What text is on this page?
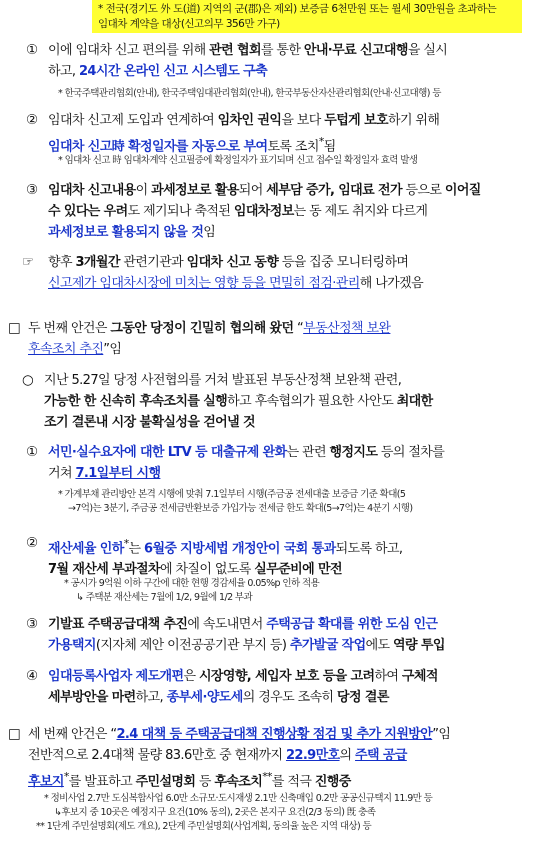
* 전국(경기도 外 도(道) 지역의 군(郡)은 제외) 보증금 6천만원 또는 월세 30만원을 초과하는
임대차 계약을 대상(신고의무 356만 가구)
① 이에 임대차 신고 편의를 위해 관련 협회를 통한 안내·무료 신고대행을 실시
하고, 24시간 온라인 신고 시스템도 구축
* 한국주택관리협회(안내), 한국주택임대관리협회(안내), 한국부동산자산관리협회(안내·신고대행) 등
② 임대차 신고제 도입과 연계하여 임차인 권익을 보다 두텁게 보호하기 위해
임대차 신고時 확정일자를 자동으로 부여토록 조치*됨
* 임대차 신고 時 임대차계약 신고필증에 확정일자가 표기되며 신고 접수일 확정일자 효력 발생
③ 임대차 신고내용이 과세정보로 활용되어 세부담 증가, 임대료 전가 등으로 이어질
수 있다는 우려도 제기되나 축적된 임대차정보는 동 제도 취지와 다르게
과세정보로 활용되지 않을 것임
☞ 향후 3개월간 관련기관과 임대차 신고 동향 등을 집중 모니터링하며
신고제가 임대차시장에 미치는 영향 등을 면밀히 점검·관리해 나가겠음
□ 두 번째 안건은 그동안 당정이 긴밀히 협의해 왔던 “부동산정책 보완
후속조치 추진”임
○ 지난 5.27일 당정 사전협의를 거쳐 발표된 부동산정책 보완책 관련,
가능한 한 신속히 후속조치를 실행하고 후속협의가 필요한 사안도 최대한
조기 결론내 시장 불확실성을 걷어낼 것
① 서민·실수요자에 대한 LTV 등 대출규제 완화는 관련 행정지도 등의 절차를
거쳐 7.1일부터 시행
* 가계부채 관리방안 본격 시행에 맞춰 7.1일부터 시행(주금공 전세대출 보증금 기준 확대(5
→7억)는 3분기, 주금공 전세금반환보증 가입가능 전세금 한도 확대(5→7억)는 4분기 시행)
② 재산세율 인하*는 6월중 지방세법 개정안이 국회 통과되도록 하고,
7월 재산세 부과절차에 차질이 없도록 실무준비에 만전
* 공시가 9억원 이하 구간에 대한 현행 경감세율 0.05%p 인하 적용
↳ 주택분 재산세는 7월에 1/2, 9월에 1/2 부과
③ 기발표 주택공급대책 추진에 속도내면서 주택공급 확대를 위한 도심 인근
가용택지(지자체 제안 이전공공기관 부지 등) 추가발굴 작업에도 역량 투입
④ 임대등록사업자 제도개편은 시장영향, 세입자 보호 등을 고려하여 구체적
세부방안을 마련하고, 종부세·양도세의 경우도 조속히 당정 결론
□ 세 번째 안건은 “2.4 대책 등 주택공급대책 진행상황 점검 및 추가 지원방안”임
전반적으로 2.4대책 물량 83.6만호 중 현재까지 22.9만호의 주택 공급
후보지*를 발표하고 주민설명회 등 후속조치**를 적극 진행중
* 정비사업 2.7만 도심복합사업 6.0만 소규모·도시재생 2.1만 신축매입 0.2만 공공신규택지 11.9만 등
↳후보지 중 10곳은 예정지구 요건(10% 동의), 2곳은 본지구 요건(2/3 동의) 旣 충족
** 1단계 주민설명회(제도 개요), 2단계 주민설명회(사업계획, 동의율 높은 지역 대상) 등
